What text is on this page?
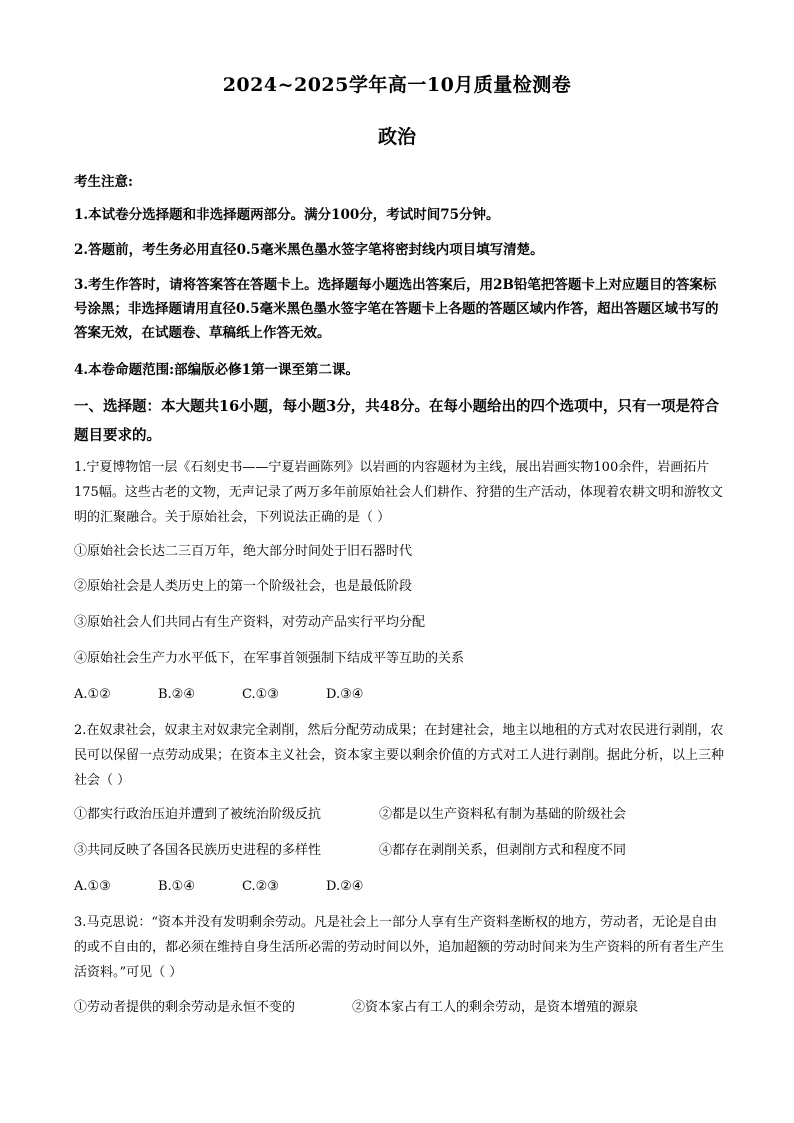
2024~2025学年高一10月质量检测卷
政治
考生注意:
1.本试卷分选择题和非选择题两部分。满分100分，考试时间75分钟。
2.答题前，考生务必用直径0.5毫米黑色墨水签字笔将密封线内项目填写清楚。
3.考生作答时，请将答案答在答题卡上。选择题每小题选出答案后，用2B铅笔把答题卡上对应题目的答案标号涂黑；非选择题请用直径0.5毫米黑色墨水签字笔在答题卡上各题的答题区域内作答，超出答题区域书写的答案无效，在试题卷、草稿纸上作答无效。
4.本卷命题范围:部编版必修1第一课至第二课。
一、选择题：本大题共16小题，每小题3分，共48分。在每小题给出的四个选项中，只有一项是符合题目要求的。
1.宁夏博物馆一层《石刻史书——宁夏岩画陈列》以岩画的内容题材为主线，展出岩画实物100余件，岩画拓片175幅。这些古老的文物，无声记录了两万多年前原始社会人们耕作、狩猎的生产活动，体现着农耕文明和游牧文明的汇聚融合。关于原始社会，下列说法正确的是（ ）
①原始社会长达二三百万年，绝大部分时间处于旧石器时代
②原始社会是人类历史上的第一个阶级社会，也是最低阶段
③原始社会人们共同占有生产资料，对劳动产品实行平均分配
④原始社会生产力水平低下，在军事首领强制下结成平等互助的关系
A.①②	B.②④	C.①③	D.③④
2.在奴隶社会，奴隶主对奴隶完全剥削，然后分配劳动成果；在封建社会，地主以地租的方式对农民进行剥削，农民可以保留一点劳动成果；在资本主义社会，资本家主要以剩余价值的方式对工人进行剥削。据此分析，以上三种社会（ ）
①都实行政治压迫并遭到了被统治阶级反抗	②都是以生产资料私有制为基础的阶级社会
③共同反映了各国各民族历史进程的多样性	④都存在剥削关系，但剥削方式和程度不同
A.①③	B.①④	C.②③	D.②④
3.马克思说：“资本并没有发明剩余劳动。凡是社会上一部分人享有生产资料垄断权的地方，劳动者，无论是自由的或不自由的，都必须在维持自身生活所必需的劳动时间以外，追加超额的劳动时间来为生产资料的所有者生产生活资料。”可见（ ）
①劳动者提供的剩余劳动是永恒不变的	②资本家占有工人的剩余劳动，是资本增殖的源泉
